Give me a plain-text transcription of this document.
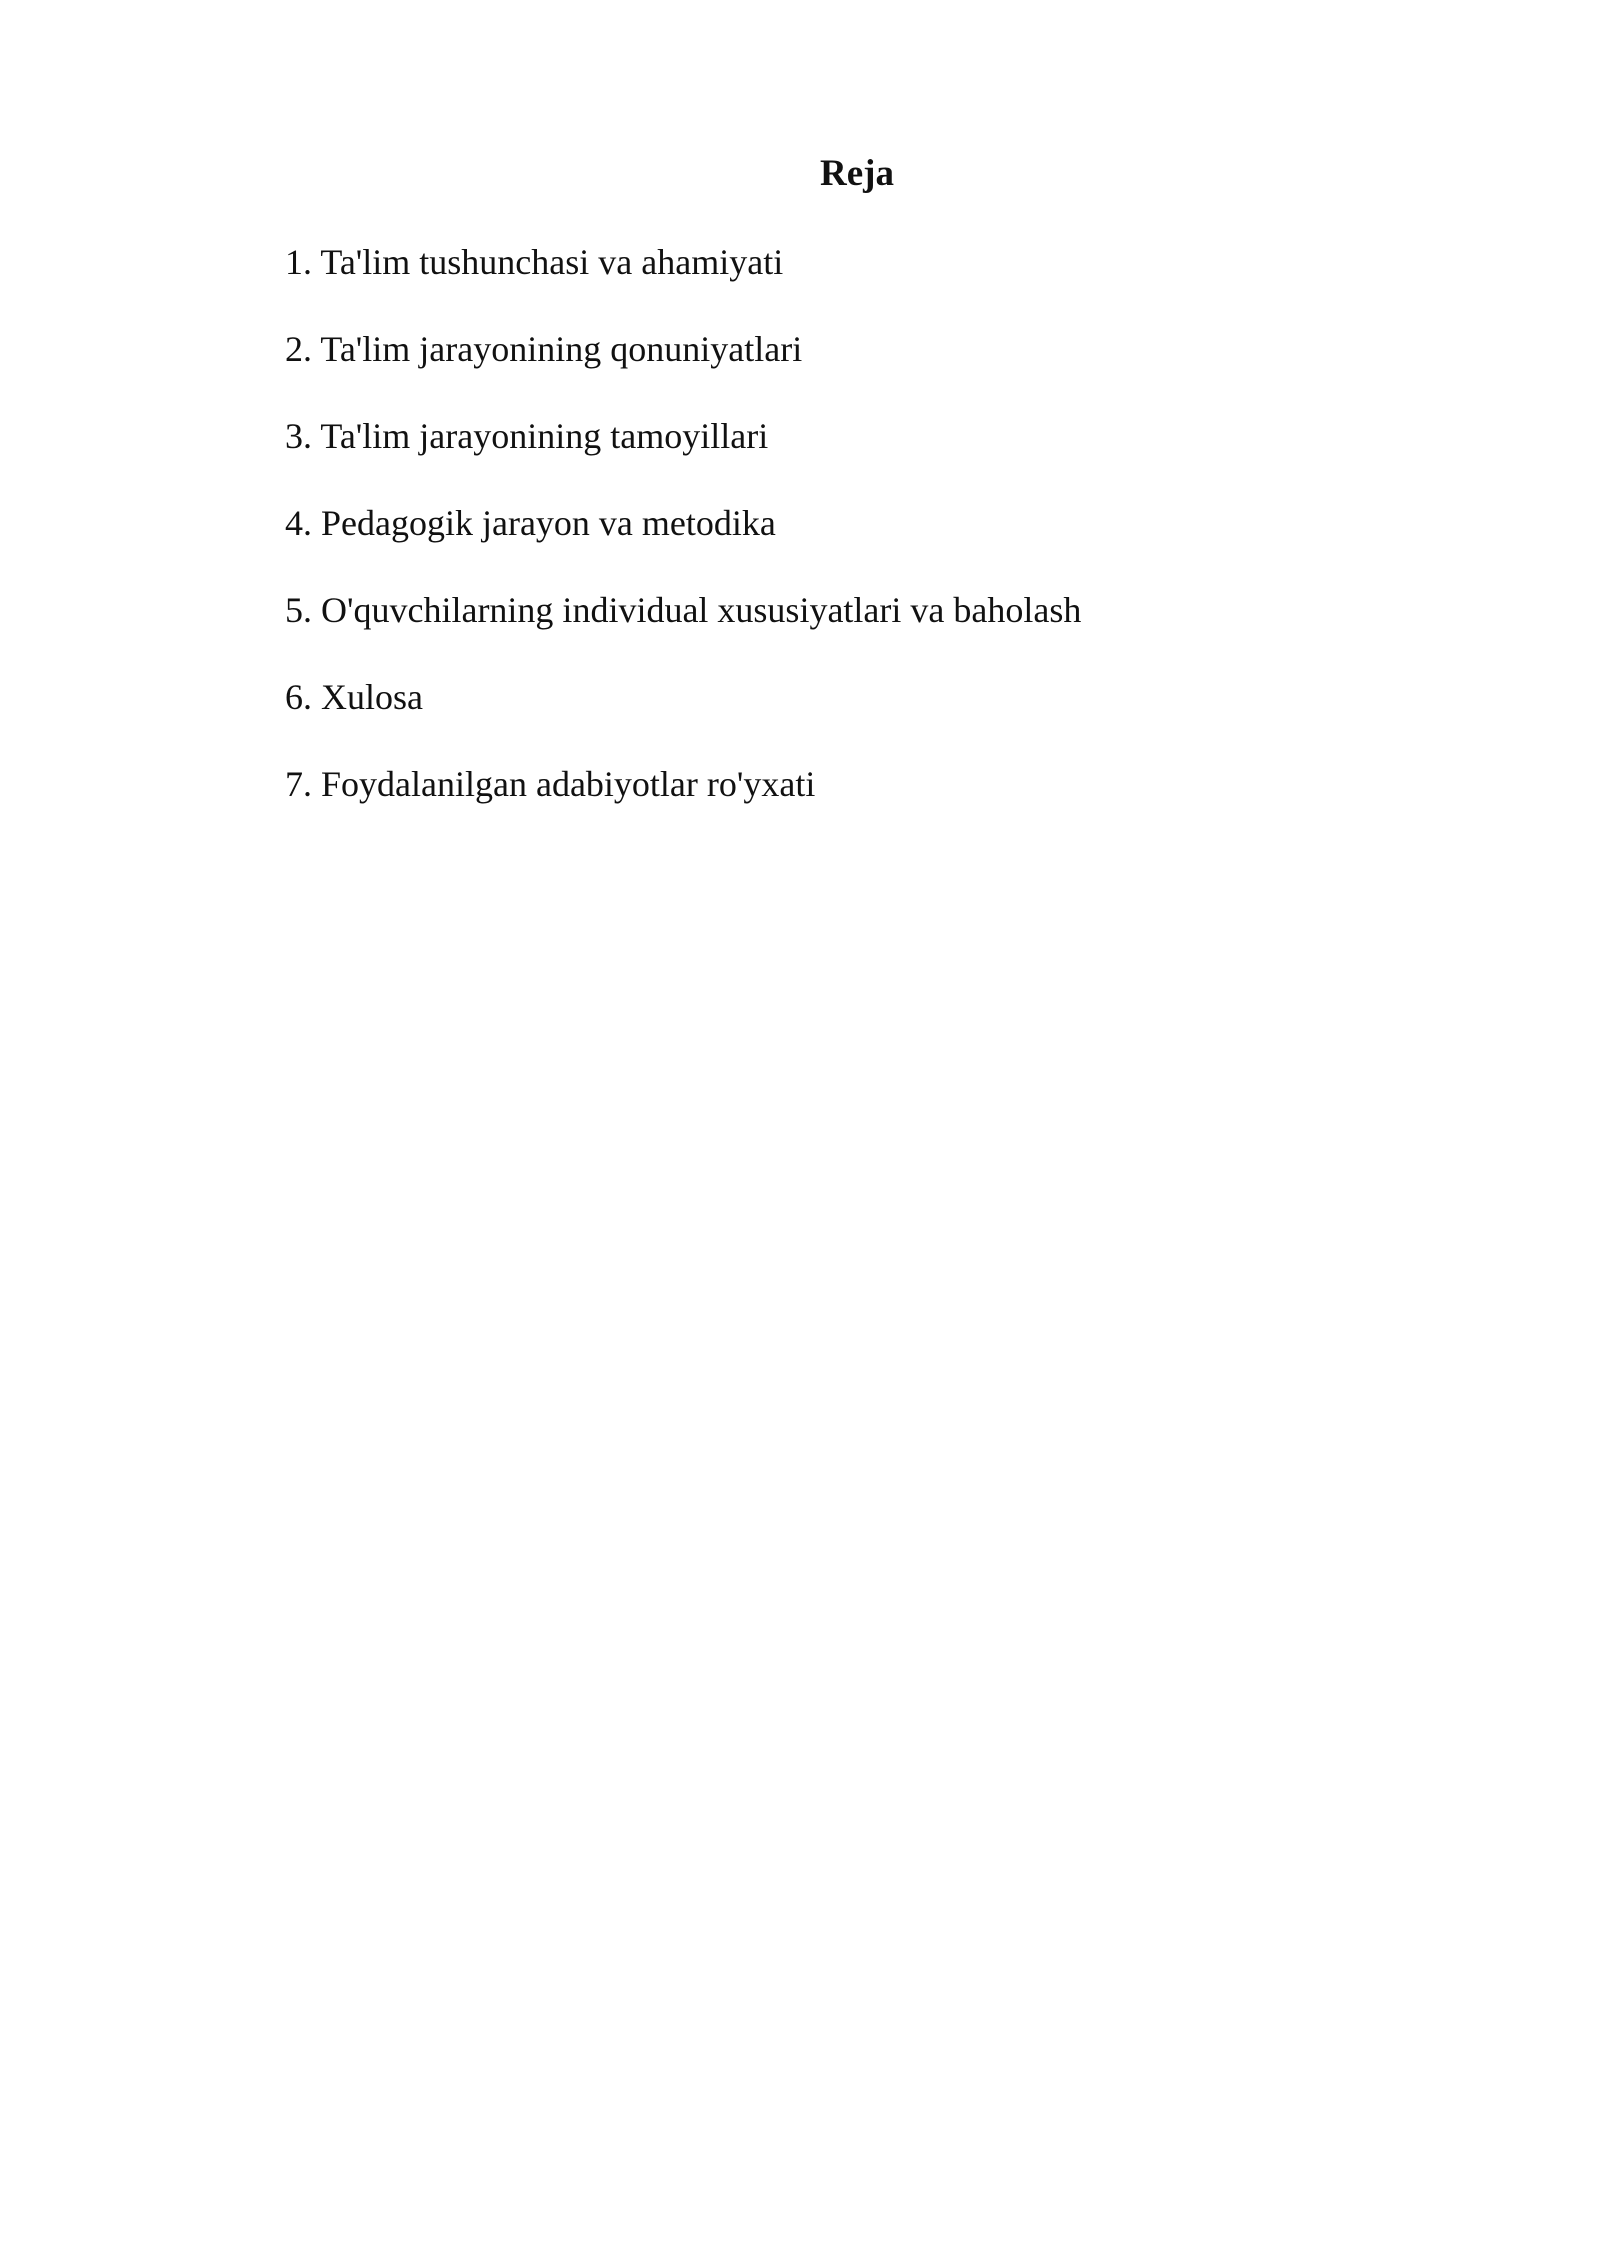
Reja
1. Ta'lim tushunchasi va ahamiyati
2. Ta'lim jarayonining qonuniyatlari
3. Ta'lim jarayonining tamoyillari
4. Pedagogik jarayon va metodika
5. O'quvchilarning individual xususiyatlari va baholash
6. Xulosa
7. Foydalanilgan adabiyotlar ro'yxati
